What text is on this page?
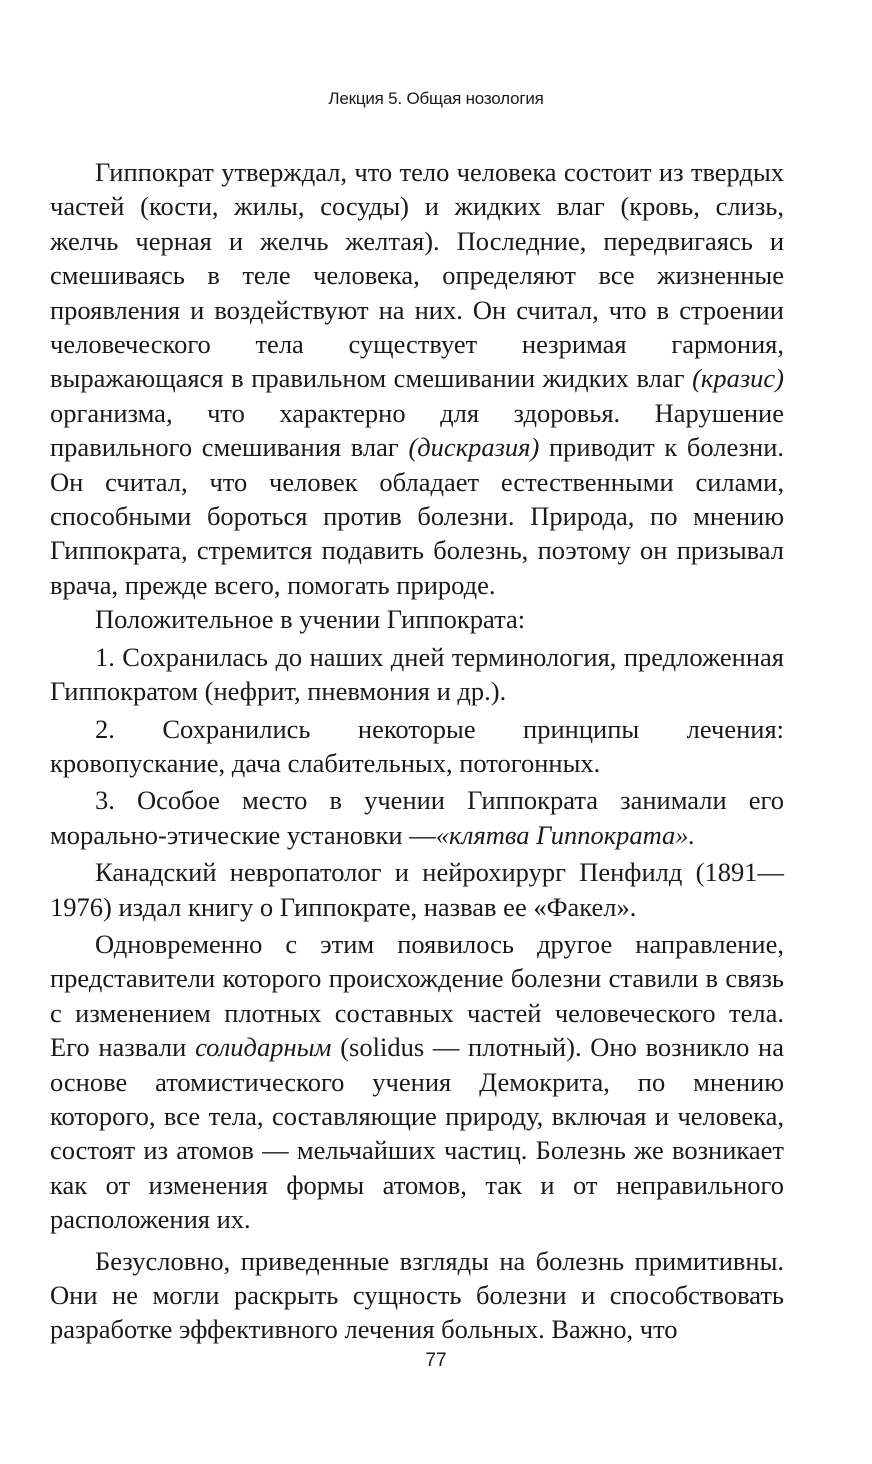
Лекция 5. Общая нозология

Гиппократ утверждал, что тело человека состоит из твердых частей (кости, жилы, сосуды) и жидких влаг (кровь, слизь, желчь черная и желчь желтая). Последние, передвигаясь и смешиваясь в теле человека, определяют все жизненные проявления и воздействуют на них. Он считал, что в строении человеческого тела существует незримая гармония, выражающаяся в правильном смешивании жидких влаг (кразис) организма, что характерно для здоровья. Нарушение правильного смешивания влаг (дискразия) приводит к болезни. Он считал, что человек обладает естественными силами, способными бороться против болезни. Природа, по мнению Гиппократа, стремится подавить болезнь, поэтому он призывал врача, прежде всего, помогать природе.

Положительное в учении Гиппократа:

1. Сохранилась до наших дней терминология, предложенная Гиппократом (нефрит, пневмония и др.).

2. Сохранились некоторые принципы лечения: кровопускание, дача слабительных, потогонных.

3. Особое место в учении Гиппократа занимали его морально-этические установки —«клятва Гиппократа».

Канадский невропатолог и нейрохирург Пенфилд (1891—1976) издал книгу о Гиппократе, назвав ее «Факел».

Одновременно с этим появилось другое направление, представители которого происхождение болезни ставили в связь с изменением плотных составных частей человеческого тела. Его назвали солидарным (solidus — плотный). Оно возникло на основе атомистического учения Демокрита, по мнению которого, все тела, составляющие природу, включая и человека, состоят из атомов — мельчайших частиц. Болезнь же возникает как от изменения формы атомов, так и от неправильного расположения их.

Безусловно, приведенные взгляды на болезнь примитивны. Они не могли раскрыть сущность болезни и способствовать разработке эффективного лечения больных. Важно, что

77
